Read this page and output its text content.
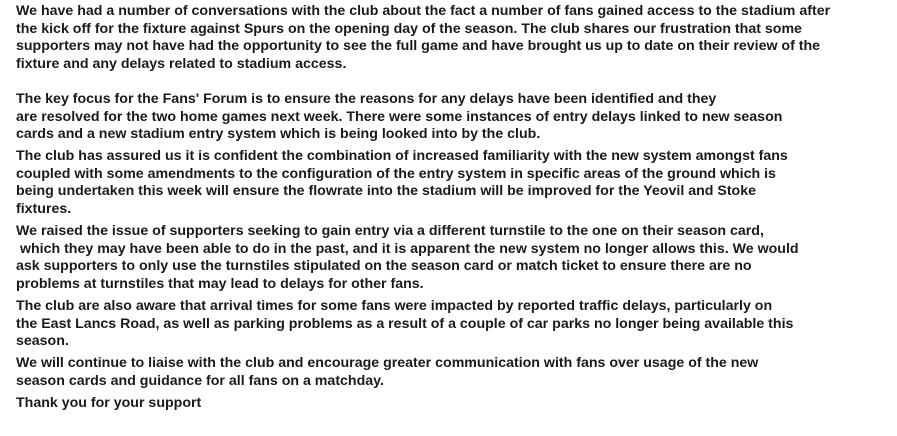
We have had a number of conversations with the club about the fact a number of fans gained access to the stadium after
the kick off for the fixture against Spurs on the opening day of the season. The club shares our frustration that some
supporters may not have had the opportunity to see the full game and have brought us up to date on their review of the
fixture and any delays related to stadium access.

The key focus for the Fans' Forum is to ensure the reasons for any delays have been identified and they
are resolved for the two home games next week. There were some instances of entry delays linked to new season
cards and a new stadium entry system which is being looked into by the club.

The club has assured us it is confident the combination of increased familiarity with the new system amongst fans
coupled with some amendments to the configuration of the entry system in specific areas of the ground which is
being undertaken this week will ensure the flowrate into the stadium will be improved for the Yeovil and Stoke
fixtures.

We raised the issue of supporters seeking to gain entry via a different turnstile to the one on their season card,
which they may have been able to do in the past, and it is apparent the new system no longer allows this. We would
ask supporters to only use the turnstiles stipulated on the season card or match ticket to ensure there are no
problems at turnstiles that may lead to delays for other fans.

The club are also aware that arrival times for some fans were impacted by reported traffic delays, particularly on
the East Lancs Road, as well as parking problems as a result of a couple of car parks no longer being available this
season.

We will continue to liaise with the club and encourage greater communication with fans over usage of the new
season cards and guidance for all fans on a matchday.

Thank you for your support
